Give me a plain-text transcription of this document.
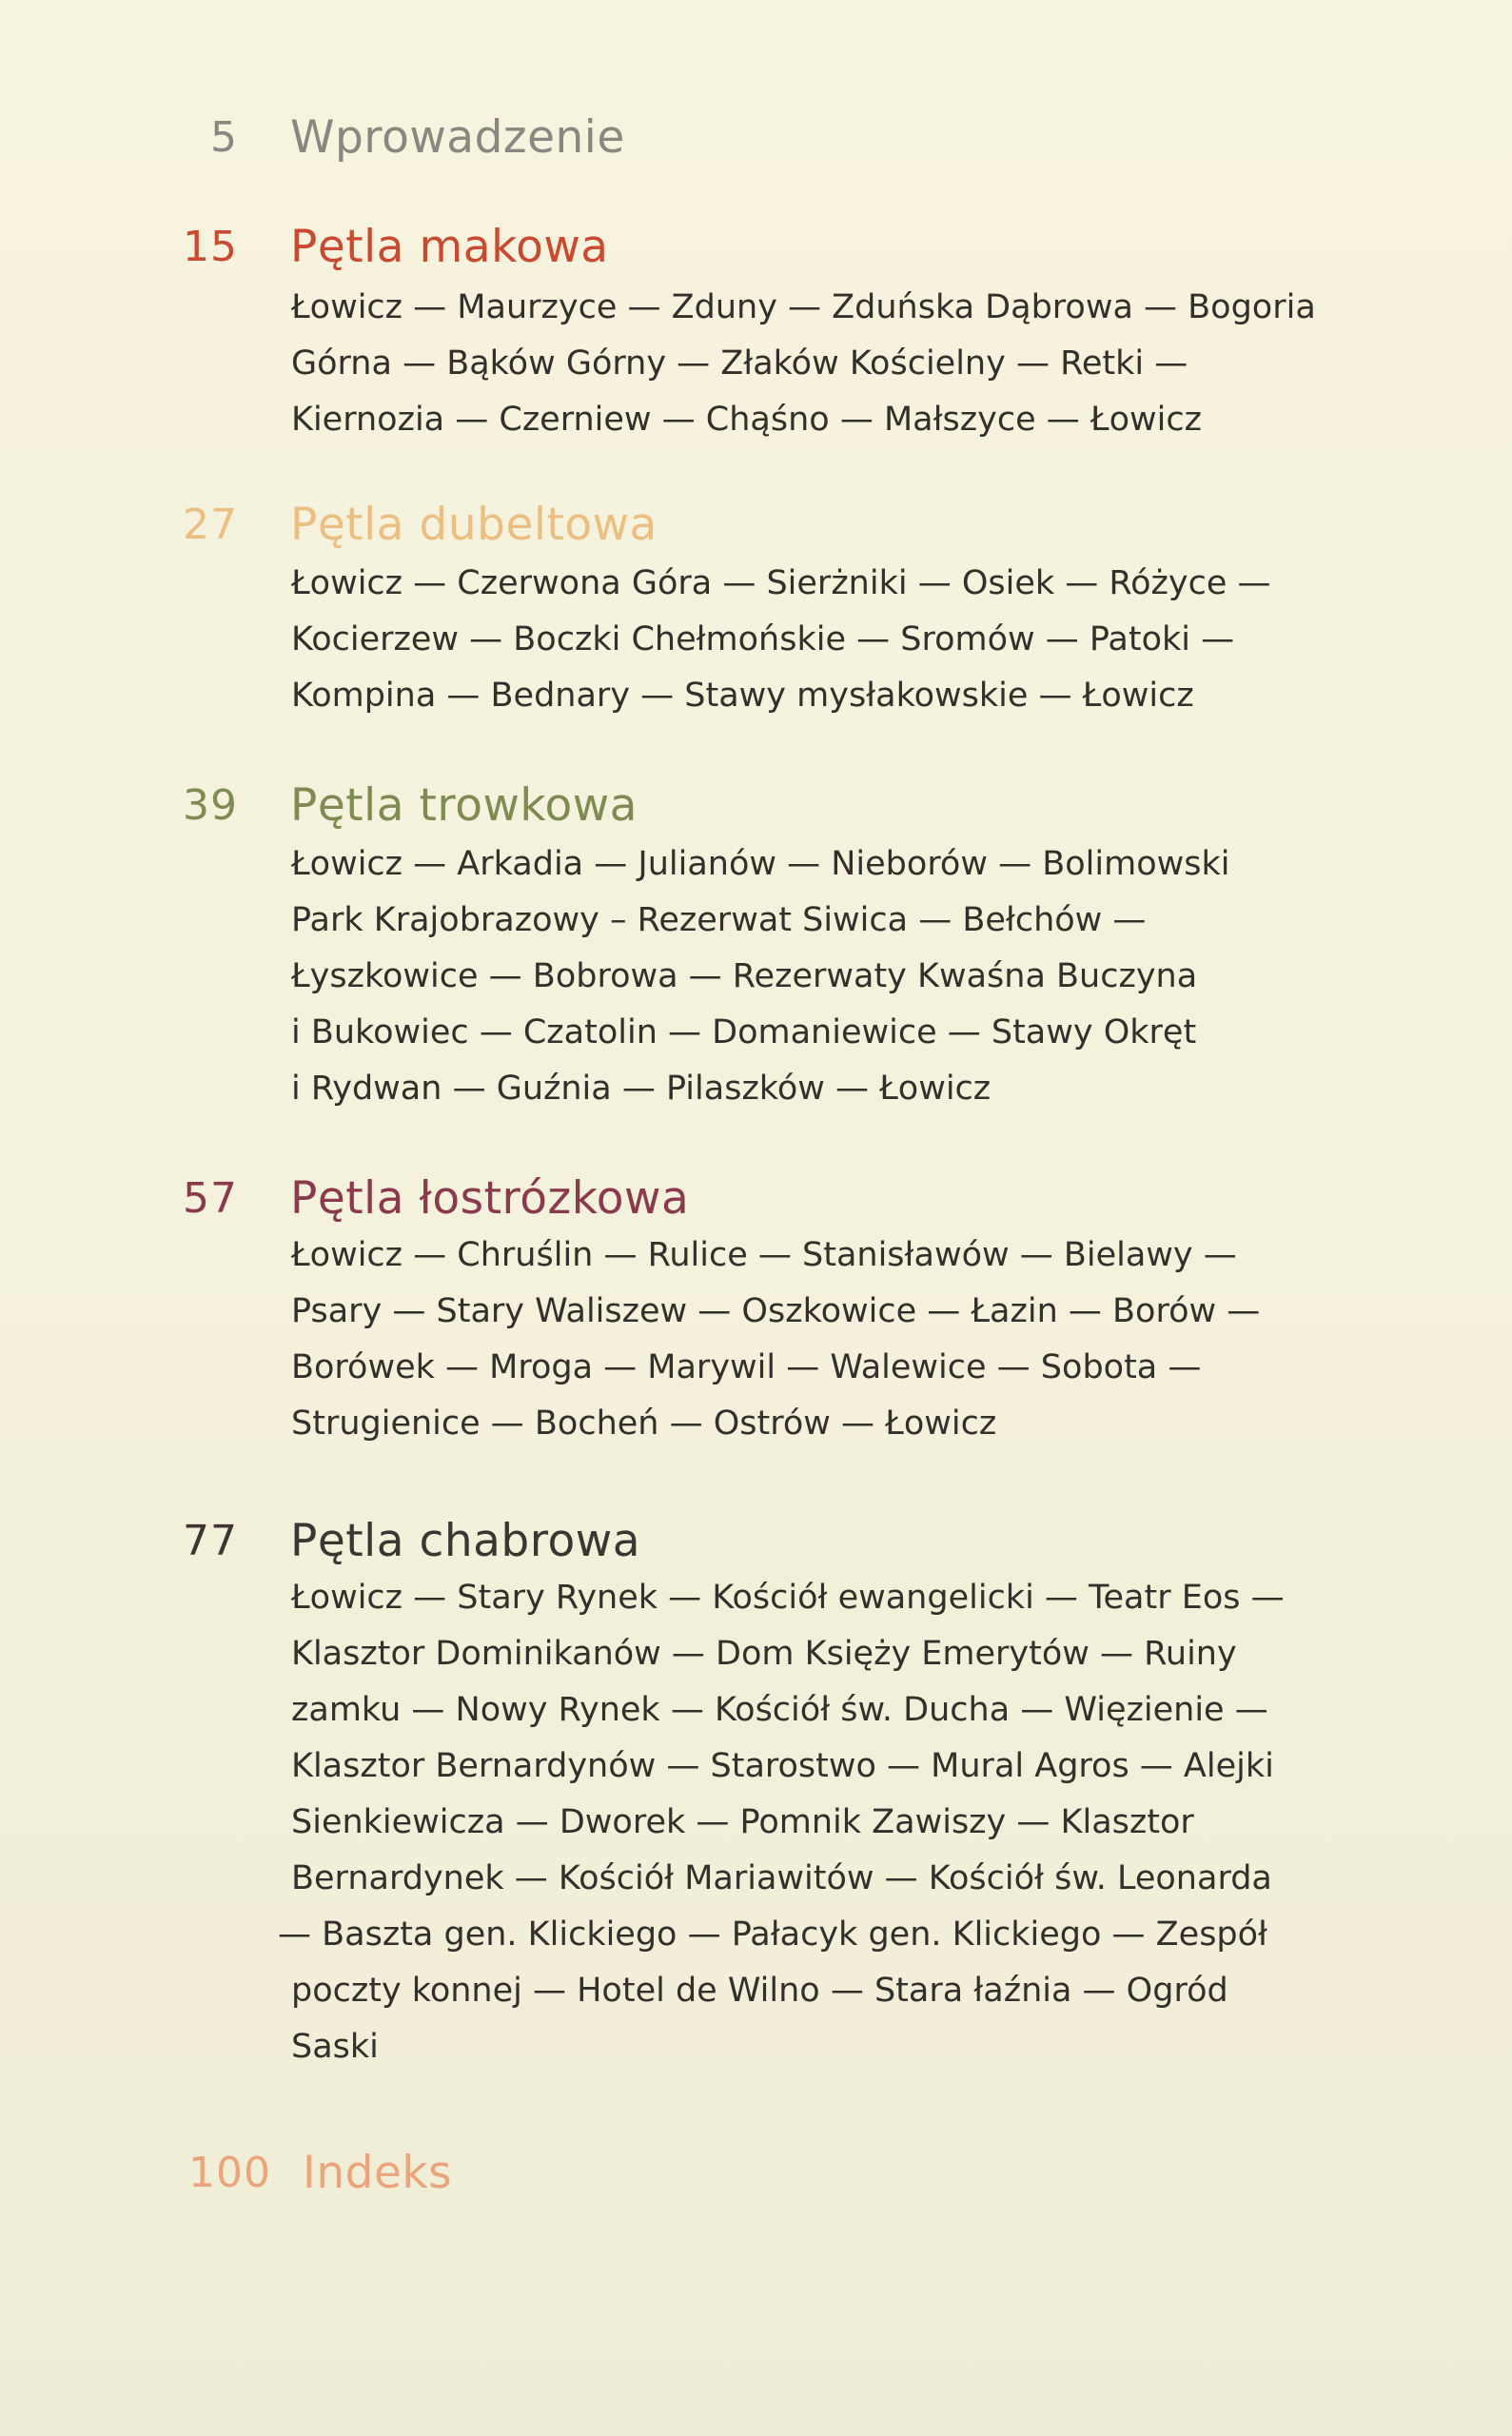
5 Wprowadzenie
15 Pętla makowa
Łowicz — Maurzyce — Zduny — Zduńska Dąbrowa — Bogoria
Górna — Bąków Górny — Złaków Kościelny — Retki —
Kiernozia — Czerniew — Chąśno — Małszyce — Łowicz
27 Pętla dubeltowa
Łowicz — Czerwona Góra — Sierżniki — Osiek — Różyce —
Kocierzew — Boczki Chełmońskie — Sromów — Patoki —
Kompina — Bednary — Stawy mysłakowskie — Łowicz
39 Pętla trowkowa
Łowicz — Arkadia — Julianów — Nieborów — Bolimowski
Park Krajobrazowy – Rezerwat Siwica — Bełchów —
Łyszkowice — Bobrowa — Rezerwaty Kwaśna Buczyna
i Bukowiec — Czatolin — Domaniewice — Stawy Okręt
i Rydwan — Guźnia — Pilaszków — Łowicz
57 Pętla łostrózkowa
Łowicz — Chruślin — Rulice — Stanisławów — Bielawy —
Psary — Stary Waliszew — Oszkowice — Łazin — Borów —
Borówek — Mroga — Marywil — Walewice — Sobota —
Strugienice — Bocheń — Ostrów — Łowicz
77 Pętla chabrowa
Łowicz — Stary Rynek — Kościół ewangelicki — Teatr Eos —
Klasztor Dominikanów — Dom Księży Emerytów — Ruiny
zamku — Nowy Rynek — Kościół św. Ducha — Więzienie —
Klasztor Bernardynów — Starostwo — Mural Agros — Alejki
Sienkiewicza — Dworek — Pomnik Zawiszy — Klasztor
Bernardynek — Kościół Mariawitów — Kościół św. Leonarda
— Baszta gen. Klickiego — Pałacyk gen. Klickiego — Zespół
poczty konnej — Hotel de Wilno — Stara łaźnia — Ogród
Saski
100 Indeks
